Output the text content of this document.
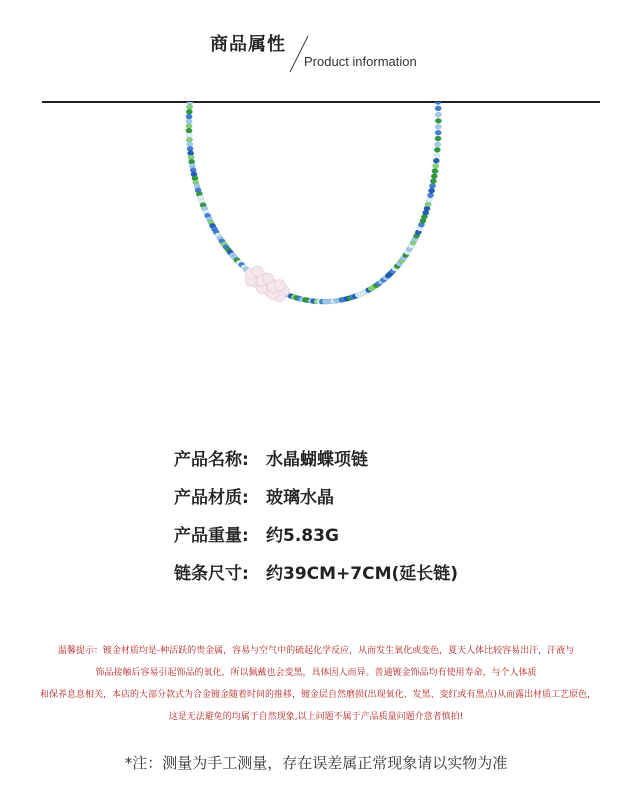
商品属性
Product information
产品名称:	水晶蝴蝶项链
产品材质:	玻璃水晶
产品重量:	约5.83G
链条尺寸:	约39CM+7CM(延长链)
温馨提示：镀金材质均是-种活跃的贵金属，容易与空气中的硫起化学反应，从而发生氧化或变色，夏天人体比较容易出汗，汗液与
饰品接触后容易引起饰品的氧化，所以佩戴也会变黑，具体因人而异。普通镀金饰品均有使用寿命，与个人体质
和保养息息相关，本店的大部分款式为合金镀金随着时间的推移，镀金层自然磨损(出现氧化、发黑、变红或有黑点)从而露出材质工艺原色，
这是无法避免的均属于自然现象,以上问题不属于产品质量问题介意者慎拍!
*注：测量为手工测量，存在误差属正常现象请以实物为准
